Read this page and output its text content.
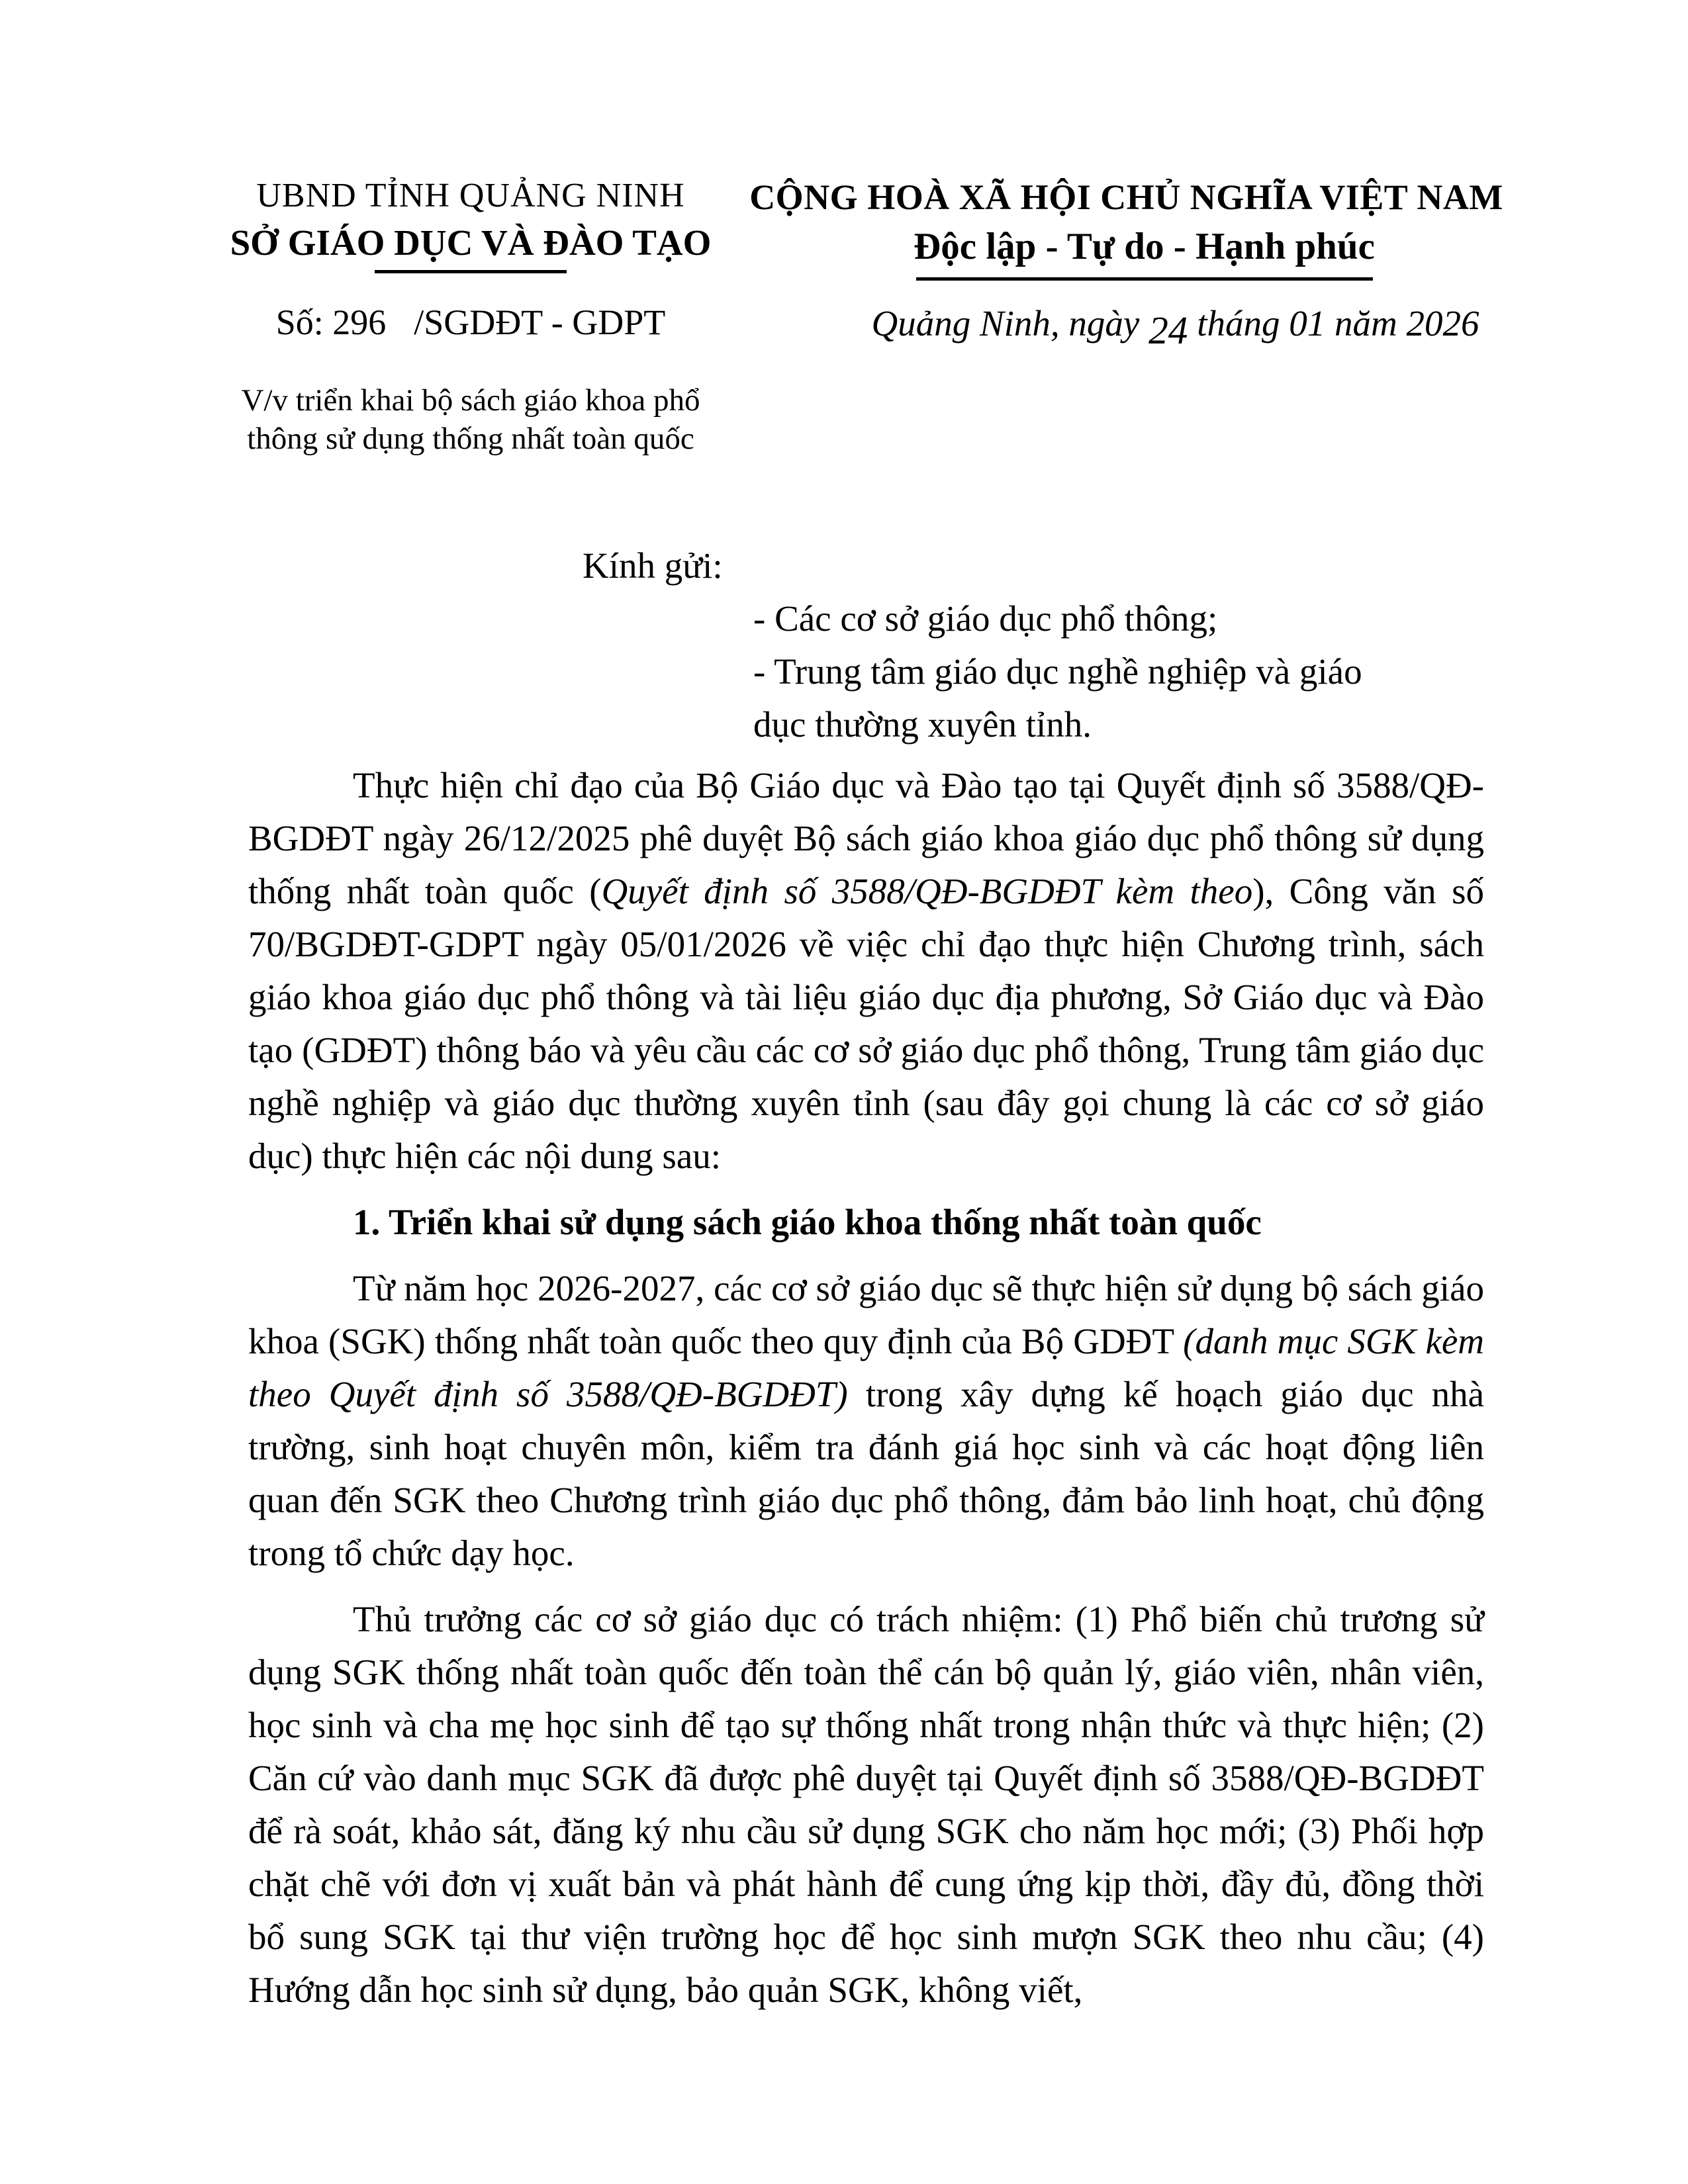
UBND TỈNH QUẢNG NINH
SỞ GIÁO DỤC VÀ ĐÀO TẠO
Số: 296 /SGDĐT - GDPT
V/v triển khai bộ sách giáo khoa phổ thông sử dụng thống nhất toàn quốc
CỘNG HOÀ XÃ HỘI CHỦ NGHĨA VIỆT NAM
Độc lập - Tự do - Hạnh phúc
Quảng Ninh, ngày 24 tháng 01 năm 2026
Kính gửi:
- Các cơ sở giáo dục phổ thông;
- Trung tâm giáo dục nghề nghiệp và giáo dục thường xuyên tỉnh.
Thực hiện chỉ đạo của Bộ Giáo dục và Đào tạo tại Quyết định số 3588/QĐ-BGDĐT ngày 26/12/2025 phê duyệt Bộ sách giáo khoa giáo dục phổ thông sử dụng thống nhất toàn quốc (Quyết định số 3588/QĐ-BGDĐT kèm theo), Công văn số 70/BGDĐT-GDPT ngày 05/01/2026 về việc chỉ đạo thực hiện Chương trình, sách giáo khoa giáo dục phổ thông và tài liệu giáo dục địa phương, Sở Giáo dục và Đào tạo (GDĐT) thông báo và yêu cầu các cơ sở giáo dục phổ thông, Trung tâm giáo dục nghề nghiệp và giáo dục thường xuyên tỉnh (sau đây gọi chung là các cơ sở giáo dục) thực hiện các nội dung sau:
1. Triển khai sử dụng sách giáo khoa thống nhất toàn quốc
Từ năm học 2026-2027, các cơ sở giáo dục sẽ thực hiện sử dụng bộ sách giáo khoa (SGK) thống nhất toàn quốc theo quy định của Bộ GDĐT (danh mục SGK kèm theo Quyết định số 3588/QĐ-BGDĐT) trong xây dựng kế hoạch giáo dục nhà trường, sinh hoạt chuyên môn, kiểm tra đánh giá học sinh và các hoạt động liên quan đến SGK theo Chương trình giáo dục phổ thông, đảm bảo linh hoạt, chủ động trong tổ chức dạy học.
Thủ trưởng các cơ sở giáo dục có trách nhiệm: (1) Phổ biến chủ trương sử dụng SGK thống nhất toàn quốc đến toàn thể cán bộ quản lý, giáo viên, nhân viên, học sinh và cha mẹ học sinh để tạo sự thống nhất trong nhận thức và thực hiện; (2) Căn cứ vào danh mục SGK đã được phê duyệt tại Quyết định số 3588/QĐ-BGDĐT để rà soát, khảo sát, đăng ký nhu cầu sử dụng SGK cho năm học mới; (3) Phối hợp chặt chẽ với đơn vị xuất bản và phát hành để cung ứng kịp thời, đầy đủ, đồng thời bổ sung SGK tại thư viện trường học để học sinh mượn SGK theo nhu cầu; (4) Hướng dẫn học sinh sử dụng, bảo quản SGK, không viết,
